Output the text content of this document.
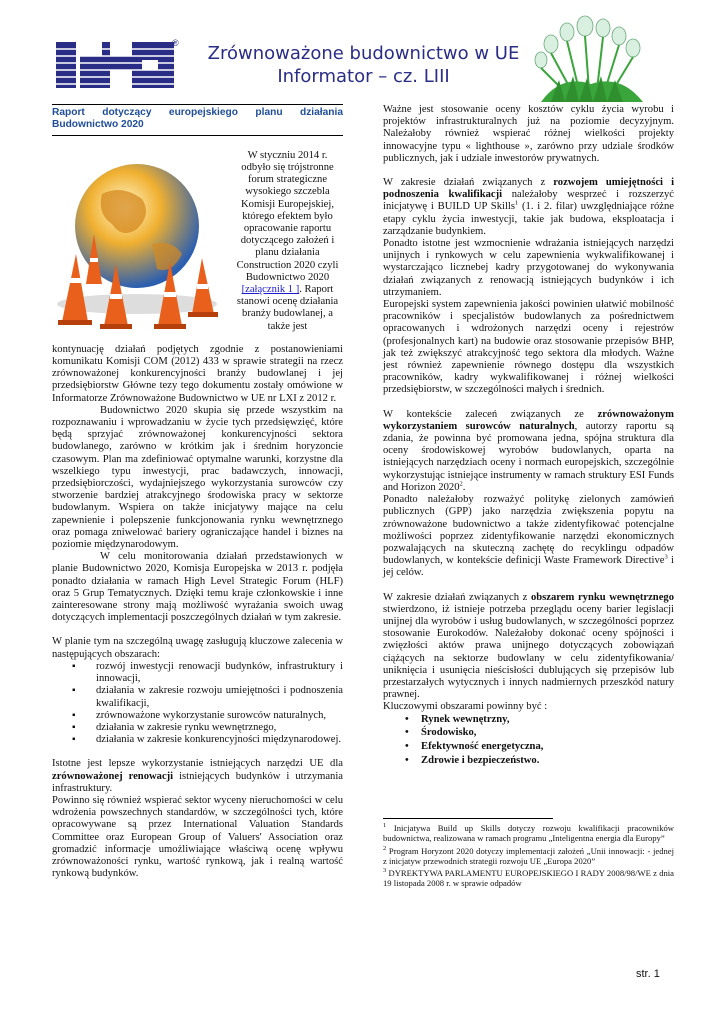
® Zrównoważone budownictwo w UE
Informator – cz. LIII
Raport dotyczący europejskiego planu działania Budownictwo 2020
W styczniu 2014 r. odbyło się trójstronne forum strategiczne wysokiego szczebla Komisji Europejskiej, którego efektem było opracowanie raportu dotyczącego założeń i planu działania Construction 2020 czyli Budownictwo 2020 [załącznik 1 ]. Raport stanowi ocenę działania branży budowlanej, a także jest

kontynuację działań podjętych zgodnie z postanowieniami komunikatu Komisji COM (2012) 433 w sprawie strategii na rzecz zrównoważonej konkurencyjności branży budowlanej i jej przedsiębiorstw Główne tezy tego dokumentu zostały omówione w Informatorze Zrównoważone Budownictwo w UE nr LXI z 2012 r.

Budownictwo 2020 skupia się przede wszystkim na rozpoznawaniu i wprowadzaniu w życie tych przedsięwzięć, które będą sprzyjać zrównoważonej konkurencyjności sektora budowlanego, zarówno w krótkim jak i średnim horyzoncie czasowym. Plan ma zdefiniować optymalne warunki, korzystne dla wszelkiego typu inwestycji, prac badawczych, innowacji, przedsiębiorczości, wydajniejszego wykorzystania surowców czy stworzenie bardziej atrakcyjnego środowiska pracy w sektorze budowlanym. Wspiera on także inicjatywy mające na celu zapewnienie i polepszenie funkcjonowania rynku wewnętrznego oraz pomaga zniwelować bariery ograniczające handel i biznes na poziomie międzynarodowym.

W celu monitorowania działań przedstawionych w planie Budownictwo 2020, Komisja Europejska w 2013 r. podjęła ponadto działania w ramach High Level Strategic Forum (HLF) oraz 5 Grup Tematycznych. Dzięki temu kraje członkowskie i inne zainteresowane strony mają możliwość wyrażania swoich uwag dotyczących implementacji poszczególnych działań w tym zakresie.

W planie tym na szczególną uwagę zasługują kluczowe zalecenia w następujących obszarach:

▪ rozwój inwestycji renowacji budynków, infrastruktury i innowacji,
▪ działania w zakresie rozwoju umiejętności i podnoszenia kwalifikacji,
▪ zrównoważone wykorzystanie surowców naturalnych,
▪ działania w zakresie rynku wewnętrznego,
▪ działania w zakresie konkurencyjności międzynarodowej.

Istotne jest lepsze wykorzystanie istniejących narzędzi UE dla zrównoważonej renowacji istniejących budynków i utrzymania infrastruktury.

Powinno się również wspierać sektor wyceny nieruchomości w celu wdrożenia powszechnych standardów, w szczególności tych, które opracowywane są przez International Valuation Standards Committee oraz European Group of Valuers' Association oraz gromadzić informacje umożliwiające właściwą ocenę wpływu zrównoważoności rynku, wartość rynkową, jak i realną wartość rynkową budynków.

Ważne jest stosowanie oceny kosztów cyklu życia wyrobu i projektów infrastrukturalnych już na poziomie decyzyjnym. Należałoby również wspierać różnej wielkości projekty innowacyjne typu « lighthouse », zarówno przy udziale środków publicznych, jak i udziale inwestorów prywatnych.

W zakresie działań związanych z rozwojem umiejętności i podnoszenia kwalifikacji należałoby wesprzeć i rozszerzyć inicjatywę i BUILD UP Skills$^1$ (1. i 2. filar) uwzględniające różne etapy cyklu życia inwestycji, takie jak budowa, eksploatacja i zarządzanie budynkiem.

Ponadto istotne jest wzmocnienie wdrażania istniejących narzędzi unijnych i rynkowych w celu zapewnienia wykwalifikowanej i wystarczająco licznebej kadry przygotowanej do wykonywania działań związanych z renowacją istniejących budynków i ich utrzymaniem.

Europejski system zapewnienia jakości powinien ułatwić mobilność pracowników i specjalistów budowlanych za pośrednictwem opracowanych i wdrożonych narzędzi oceny i rejestrów (profesjonalnych kart) na budowie oraz stosowanie przepisów BHP, jak też zwiększyć atrakcyjność tego sektora dla młodych. Ważne jest również zapewnienie równego dostępu dla wszystkich pracowników, kadry wykwalifikowanej i różnej wielkości przedsiębiorstw, w szczególności małych i średnich.

W kontekście zaleceń związanych ze zrównoważonym wykorzystaniem surowców naturalnych, autorzy raportu są zdania, że powinna być promowana jedna, spójna struktura dla oceny środowiskowej wyrobów budowlanych, oparta na istniejących narzędziach oceny i normach europejskich, szczególnie wykorzystując istniejące instrumenty w ramach struktury ESI Funds and Horizon 2020$^2$.

Ponadto należałoby rozważyć politykę zielonych zamówień publicznych (GPP) jako narzędzia zwiększenia popytu na zrównoważone budownictwo a także zidentyfikować potencjalne możliwości poprzez zidentyfikowanie narzędzi ekonomicznych pozwalających na skuteczną zachętę do recyklingu odpadów budowlanych, w kontekście definicji Waste Framework Directive$^3$ i jej celów.

W zakresie działań związanych z obszarem rynku wewnętrznego stwierdzono, iż istnieje potrzeba przeglądu oceny barier legislacji unijnej dla wyrobów i usług budowlanych, w szczególności poprzez stosowanie Eurokodów. Należałoby dokonać oceny spójności i zwięzłości aktów prawa unijnego dotyczących zobowiązań ciążących na sektorze budowlany w celu zidentyfikowania/ uniknięcia i usunięcia nieścisłości dublujących się przepisów lub przestarzałych wytycznych i innych nadmiernych przeszkód natury prawnej.

Kluczowymi obszarami powinny być :

• Rynek wewnętrzny,
• Środowisko,
• Efektywność energetyczna,
• Zdrowie i bezpieczeństwo.

$^1$ Inicjatywa Build up Skills dotyczy rozwoju kwalifikacji pracowników budownictwa, realizowana w ramach programu „Inteligentna energia dla Europy”

$^2$ Program Horyzont 2020 dotyczy implementacji założeń „Unii innowacji: - jednej z inicjatyw przewodnich strategii rozwoju UE „Europa 2020”

$^3$ DYREKTYWA PARLAMENTU EUROPEJSKIEGO I RADY 2008/98/WE z dnia 19 listopada 2008 r. w sprawie odpadów

str. 1
